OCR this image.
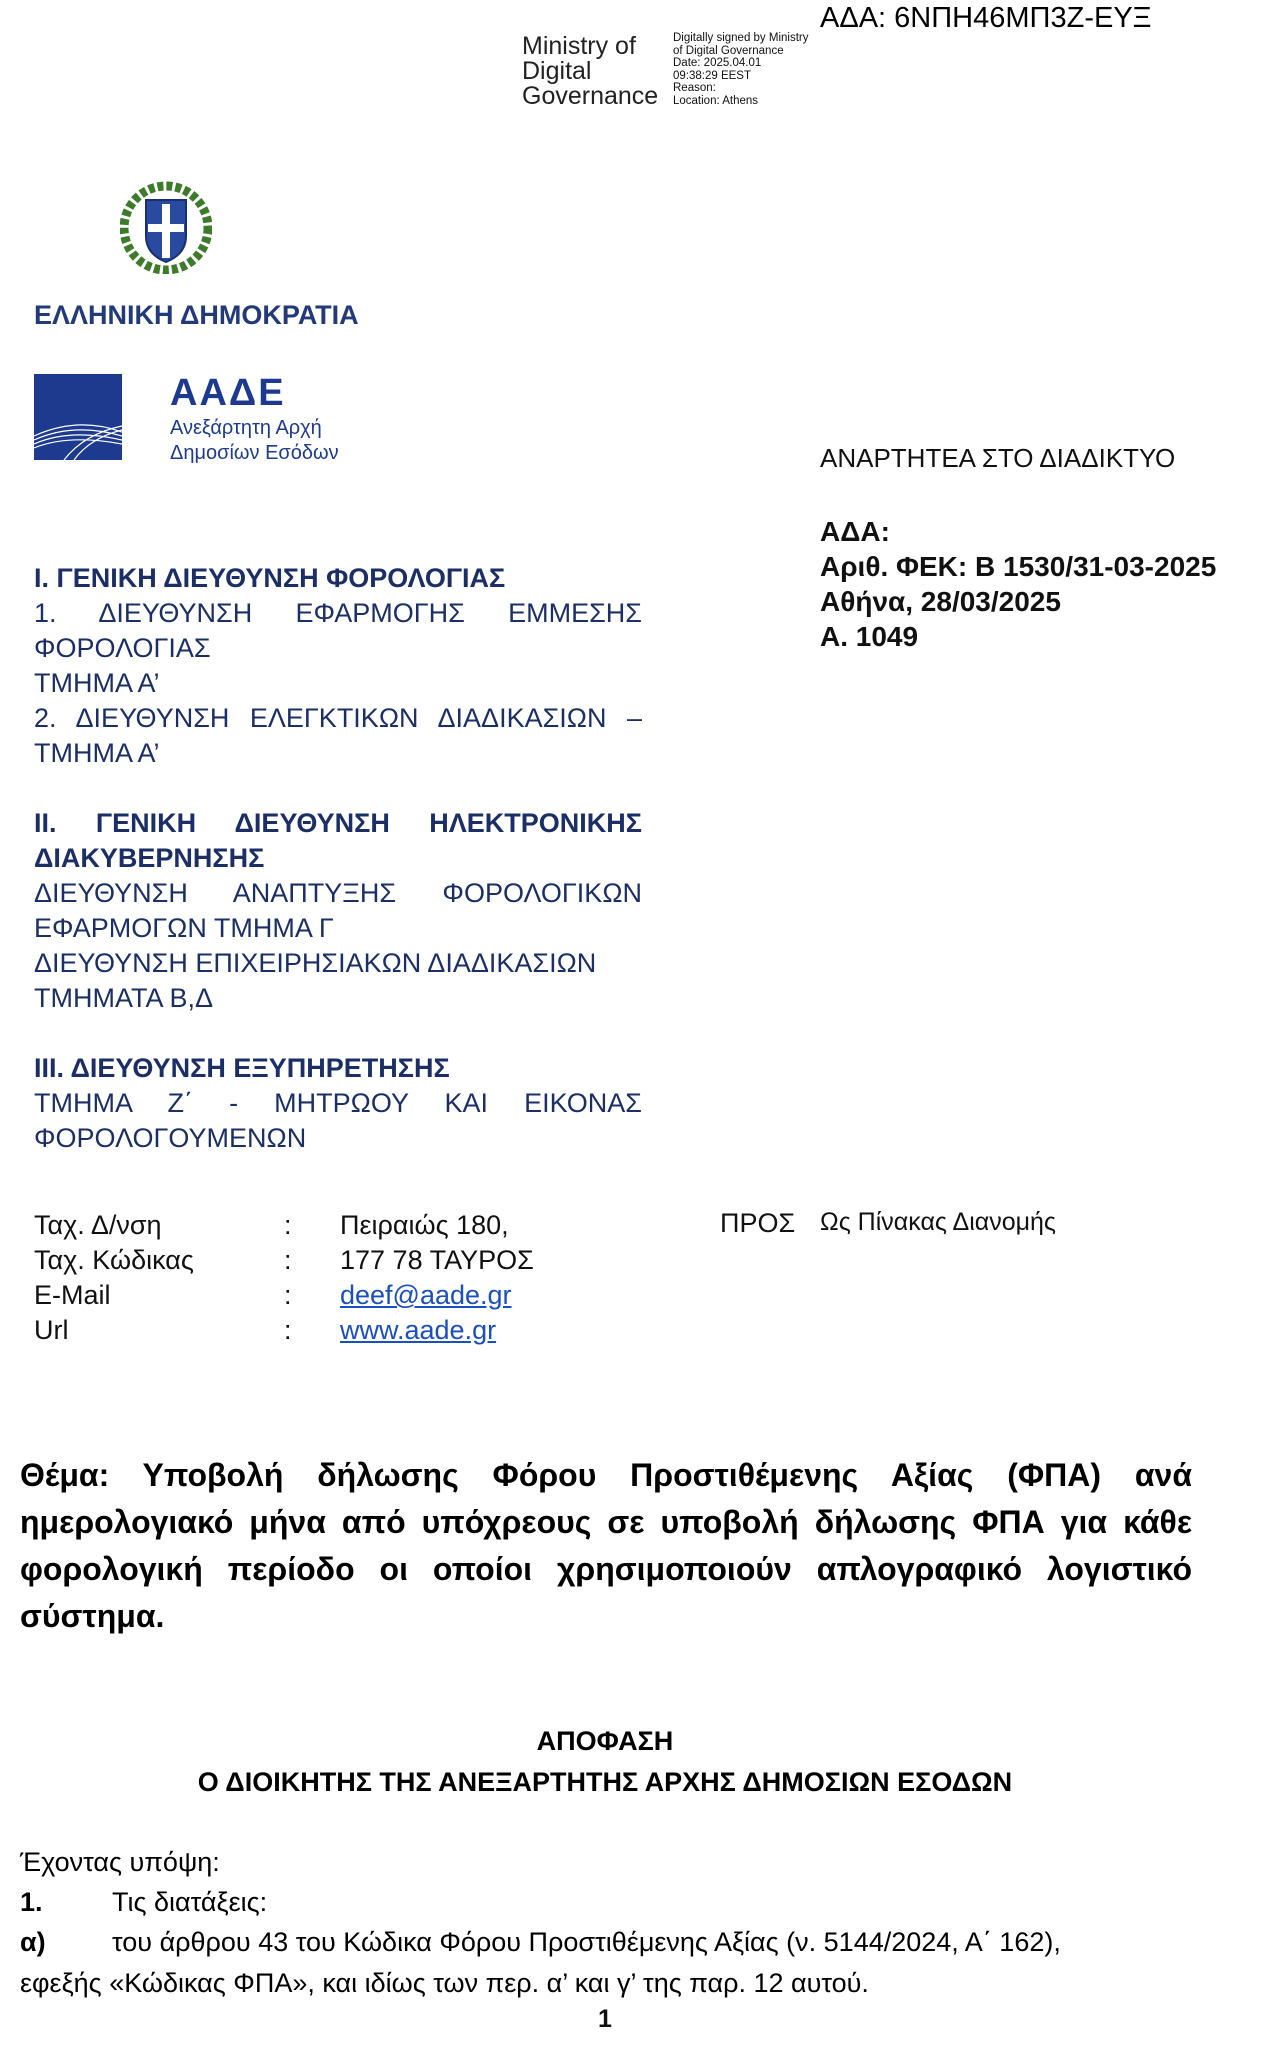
ΑΔΑ: 6ΝΠΗ46ΜΠ3Ζ-ΕΥΞ
Ministry of
Digital
Governance
Digitally signed by Ministry
of Digital Governance
Date: 2025.04.01
09:38:29 EEST
Reason:
Location: Athens
ΕΛΛΗΝΙΚΗ ΔΗΜΟΚΡΑΤΙΑ
ΑΑΔΕ
Ανεξάρτητη Αρχή
Δημοσίων Εσόδων	ΑΝΑΡΤΗΤΕΑ ΣΤΟ ΔΙΑΔΙΚΤΥΟ
ΑΔΑ:
Αριθ. ΦΕΚ: Β 1530/31-03-2025
Αθήνα, 28/03/2025
Α. 1049
Ι. ΓΕΝΙΚΗ ΔΙΕΥΘΥΝΣΗ ΦΟΡΟΛΟΓΙΑΣ
1. ΔΙΕΥΘΥΝΣΗ ΕΦΑΡΜΟΓΗΣ ΕΜΜΕΣΗΣ
ΦΟΡΟΛΟΓΙΑΣ
ΤΜΗΜΑ Α’
2. ΔΙΕΥΘΥΝΣΗ ΕΛΕΓΚΤΙΚΩΝ ΔΙΑΔΙΚΑΣΙΩΝ –
ΤΜΗΜΑ Α’
ΙΙ. ΓΕΝΙΚΗ ΔΙΕΥΘΥΝΣΗ ΗΛΕΚΤΡΟΝΙΚΗΣ
ΔΙΑΚΥΒΕΡΝΗΣΗΣ
ΔΙΕΥΘΥΝΣΗ ΑΝΑΠΤΥΞΗΣ ΦΟΡΟΛΟΓΙΚΩΝ
ΕΦΑΡΜΟΓΩΝ ΤΜΗΜΑ Γ
ΔΙΕΥΘΥΝΣΗ ΕΠΙΧΕΙΡΗΣΙΑΚΩΝ ΔΙΑΔΙΚΑΣΙΩΝ
ΤΜΗΜΑΤΑ Β,Δ
ΙΙΙ. ΔΙΕΥΘΥΝΣΗ ΕΞΥΠΗΡΕΤΗΣΗΣ
ΤΜΗΜΑ Ζ΄ - ΜΗΤΡΩΟΥ ΚΑΙ ΕΙΚΟΝΑΣ
ΦΟΡΟΛΟΓΟΥΜΕΝΩΝ
Ταχ. Δ/νση	: Πειραιώς 180,
Ταχ. Κώδικας	: 177 78 ΤΑΥΡΟΣ
E-Mail	: deef@aade.gr
Url	: www.aade.gr
ΠΡΟΣ Ως Πίνακας Διανομής
Θέμα: Υποβολή δήλωσης Φόρου Προστιθέμενης Αξίας (ΦΠΑ) ανά
ημερολογιακό μήνα από υπόχρεους σε υποβολή δήλωσης ΦΠΑ για κάθε
φορολογική περίοδο οι οποίοι χρησιμοποιούν απλογραφικό λογιστικό
σύστημα.
ΑΠΟΦΑΣΗ
Ο ΔΙΟΙΚΗΤΗΣ ΤΗΣ ΑΝΕΞΑΡΤΗΤΗΣ ΑΡΧΗΣ ΔΗΜΟΣΙΩΝ ΕΣΟΔΩΝ
Έχοντας υπόψη:
1.	Τις διατάξεις:
α) του άρθρου 43 του Κώδικα Φόρου Προστιθέμενης Αξίας (ν. 5144/2024, Α΄ 162),
εφεξής «Κώδικας ΦΠΑ», και ιδίως των περ. α’ και γ’ της παρ. 12 αυτού.
1
